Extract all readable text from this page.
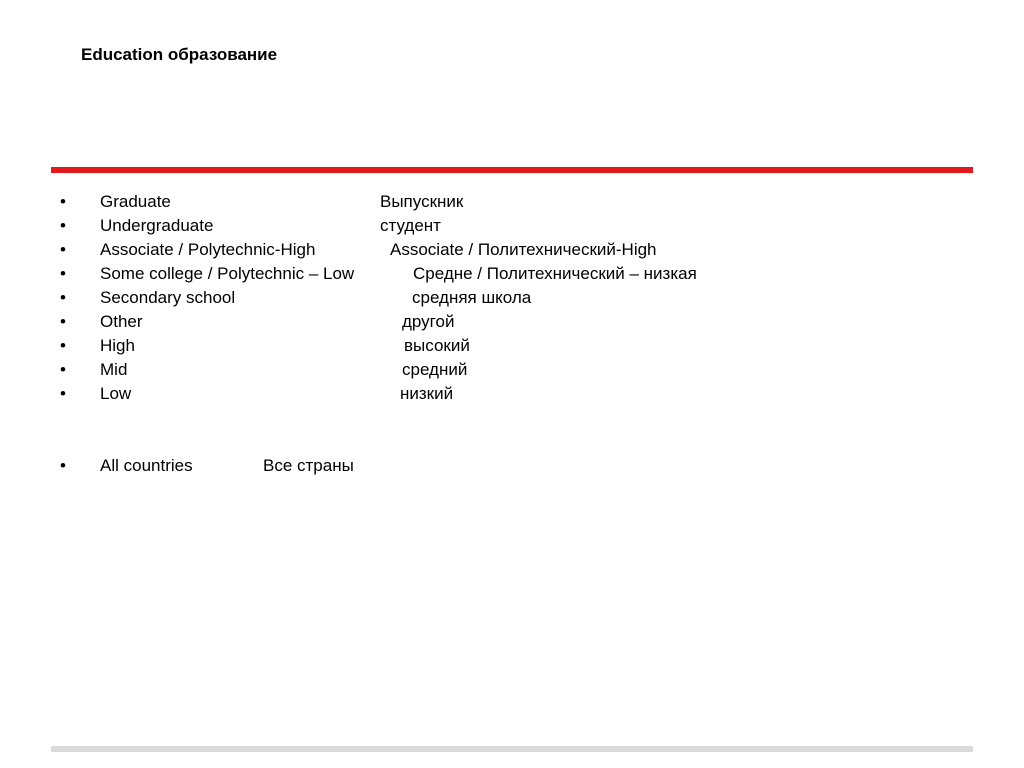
Education образование
• Graduate	Выпускник
• Undergraduate	студент
• Associate / Polytechnic-High	Associate / Политехнический-High
• Some college / Polytechnic – Low	Средне / Политехнический – низкая
• Secondary school	средняя школа
• Other	другой
• High	высокий
• Mid	средний
• Low	низкий
• All countries	Все страны
